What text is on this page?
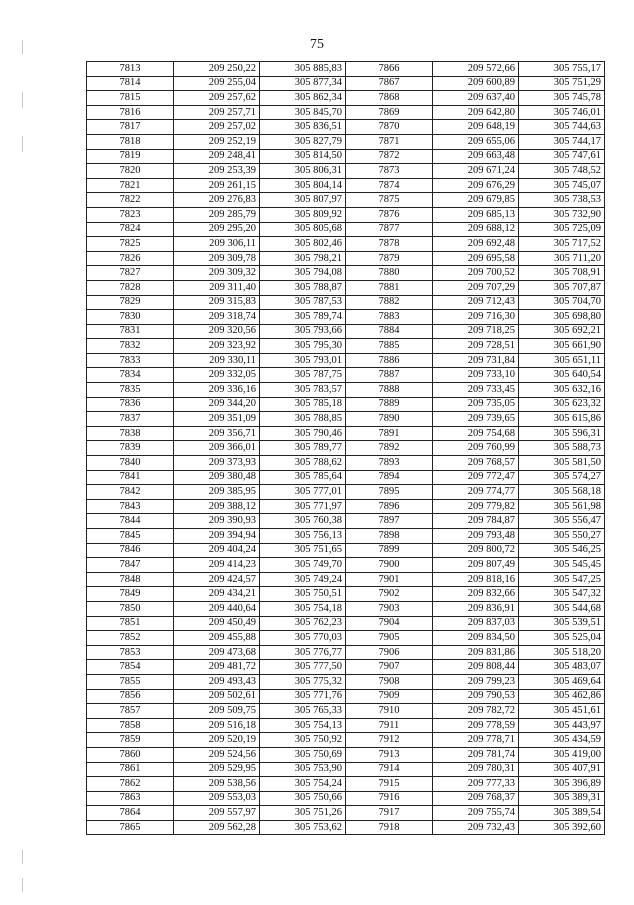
75
7813	209 250,22	305 885,83	7866	209 572,66	305 755,17
7814	209 255,04	305 877,34	7867	209 600,89	305 751,29
7815	209 257,62	305 862,34	7868	209 637,40	305 745,78
7816	209 257,71	305 845,70	7869	209 642,80	305 746,01
7817	209 257,02	305 836,51	7870	209 648,19	305 744,63
7818	209 252,19	305 827,79	7871	209 655,06	305 744,17
7819	209 248,41	305 814,50	7872	209 663,48	305 747,61
7820	209 253,39	305 806,31	7873	209 671,24	305 748,52
7821	209 261,15	305 804,14	7874	209 676,29	305 745,07
7822	209 276,83	305 807,97	7875	209 679,85	305 738,53
7823	209 285,79	305 809,92	7876	209 685,13	305 732,90
7824	209 295,20	305 805,68	7877	209 688,12	305 725,09
7825	209 306,11	305 802,46	7878	209 692,48	305 717,52
7826	209 309,78	305 798,21	7879	209 695,58	305 711,20
7827	209 309,32	305 794,08	7880	209 700,52	305 708,91
7828	209 311,40	305 788,87	7881	209 707,29	305 707,87
7829	209 315,83	305 787,53	7882	209 712,43	305 704,70
7830	209 318,74	305 789,74	7883	209 716,30	305 698,80
7831	209 320,56	305 793,66	7884	209 718,25	305 692,21
7832	209 323,92	305 795,30	7885	209 728,51	305 661,90
7833	209 330,11	305 793,01	7886	209 731,84	305 651,11
7834	209 332,05	305 787,75	7887	209 733,10	305 640,54
7835	209 336,16	305 783,57	7888	209 733,45	305 632,16
7836	209 344,20	305 785,18	7889	209 735,05	305 623,32
7837	209 351,09	305 788,85	7890	209 739,65	305 615,86
7838	209 356,71	305 790,46	7891	209 754,68	305 596,31
7839	209 366,01	305 789,77	7892	209 760,99	305 588,73
7840	209 373,93	305 788,62	7893	209 768,57	305 581,50
7841	209 380,48	305 785,64	7894	209 772,47	305 574,27
7842	209 385,95	305 777,01	7895	209 774,77	305 568,18
7843	209 388,12	305 771,97	7896	209 779,82	305 561,98
7844	209 390,93	305 760,38	7897	209 784,87	305 556,47
7845	209 394,94	305 756,13	7898	209 793,48	305 550,27
7846	209 404,24	305 751,65	7899	209 800,72	305 546,25
7847	209 414,23	305 749,70	7900	209 807,49	305 545,45
7848	209 424,57	305 749,24	7901	209 818,16	305 547,25
7849	209 434,21	305 750,51	7902	209 832,66	305 547,32
7850	209 440,64	305 754,18	7903	209 836,91	305 544,68
7851	209 450,49	305 762,23	7904	209 837,03	305 539,51
7852	209 455,88	305 770,03	7905	209 834,50	305 525,04
7853	209 473,68	305 776,77	7906	209 831,86	305 518,20
7854	209 481,72	305 777,50	7907	209 808,44	305 483,07
7855	209 493,43	305 775,32	7908	209 799,23	305 469,64
7856	209 502,61	305 771,76	7909	209 790,53	305 462,86
7857	209 509,75	305 765,33	7910	209 782,72	305 451,61
7858	209 516,18	305 754,13	7911	209 778,59	305 443,97
7859	209 520,19	305 750,92	7912	209 778,71	305 434,59
7860	209 524,56	305 750,69	7913	209 781,74	305 419,00
7861	209 529,95	305 753,90	7914	209 780,31	305 407,91
7862	209 538,56	305 754,24	7915	209 777,33	305 396,89
7863	209 553,03	305 750,66	7916	209 768,37	305 389,31
7864	209 557,97	305 751,26	7917	209 755,74	305 389,54
7865	209 562,28	305 753,62	7918	209 732,43	305 392,60
